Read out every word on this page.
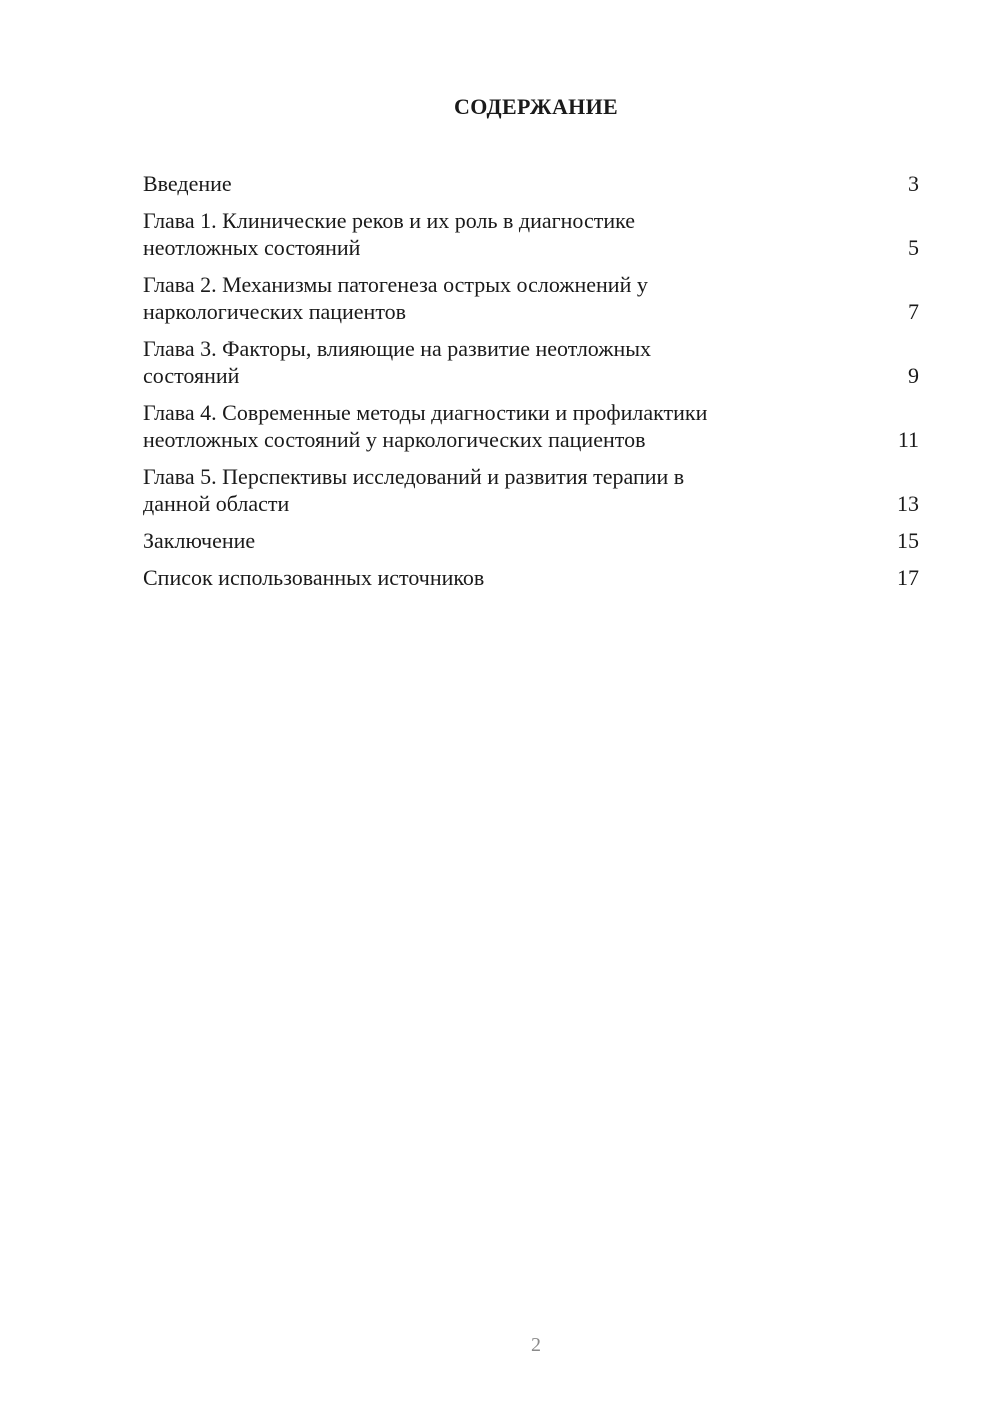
СОДЕРЖАНИЕ
Введение	3
Глава 1. Клинические реков и их роль в диагностике
неотложных состояний	5
Глава 2. Механизмы патогенеза острых осложнений у
наркологических пациентов	7
Глава 3. Факторы, влияющие на развитие неотложных
состояний	9
Глава 4. Современные методы диагностики и профилактики
неотложных состояний у наркологических пациентов	11
Глава 5. Перспективы исследований и развития терапии в
данной области	13
Заключение	15
Список использованных источников	17
2
